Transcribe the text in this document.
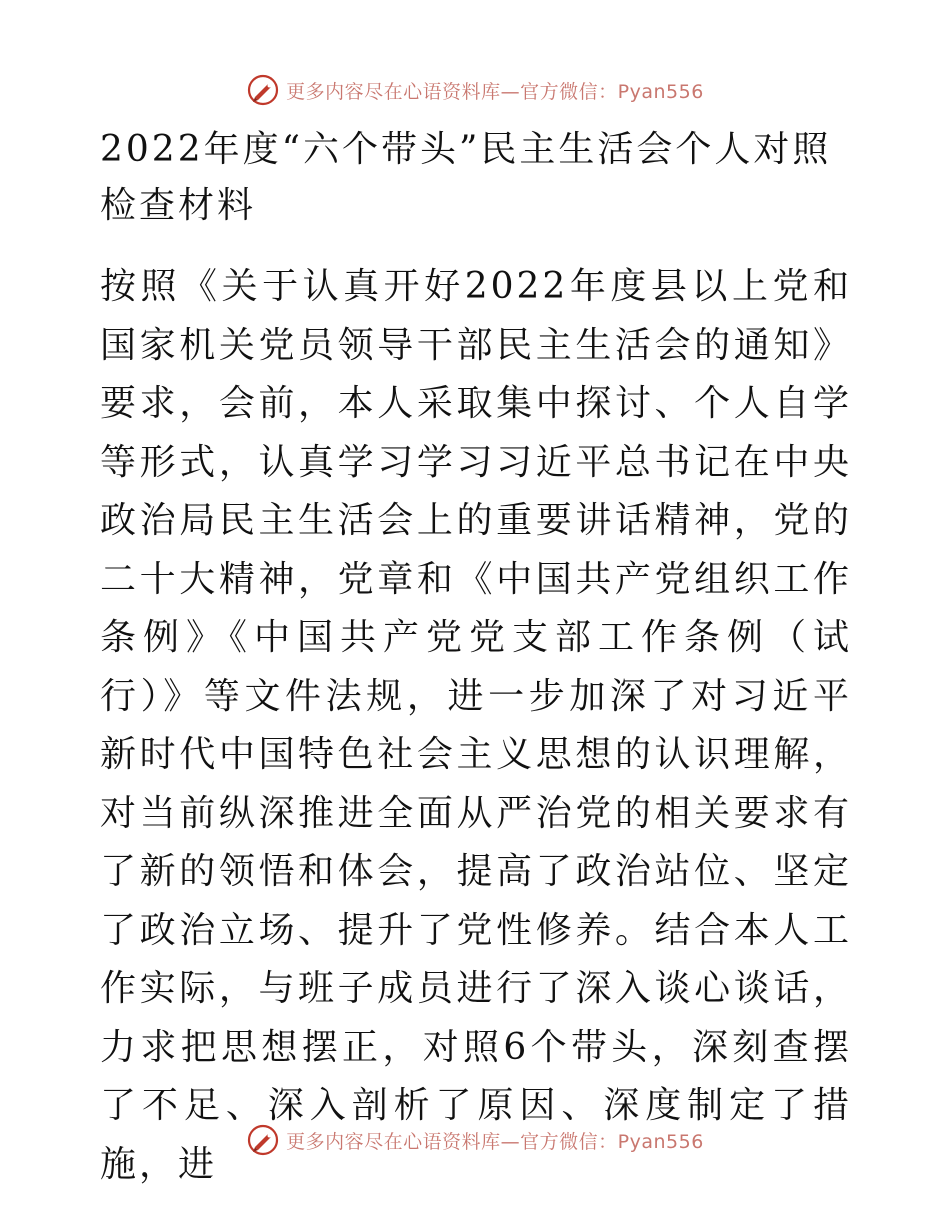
更多内容尽在心语资料库—官方微信：Pyan556
2022年度“六个带头”民主生活会个人对照检查材料

按照《关于认真开好2022年度县以上党和国家机关党员领导干部民主生活会的通知》要求，会前，本人采取集中探讨、个人自学等形式，认真学习学习习近平总书记在中央政治局民主生活会上的重要讲话精神，党的二十大精神，党章和《中国共产党组织工作条例》《中国共产党党支部工作条例（试行）》等文件法规，进一步加深了对习近平新时代中国特色社会主义思想的认识理解，对当前纵深推进全面从严治党的相关要求有了新的领悟和体会，提高了政治站位、坚定了政治立场、提升了党性修养。结合本人工作实际，与班子成员进行了深入谈心谈话，力求把思想摆正，对照6个带头，深刻查摆了不足、深入剖析了原因、深度制定了措施，进

更多内容尽在心语资料库—官方微信：Pyan556
